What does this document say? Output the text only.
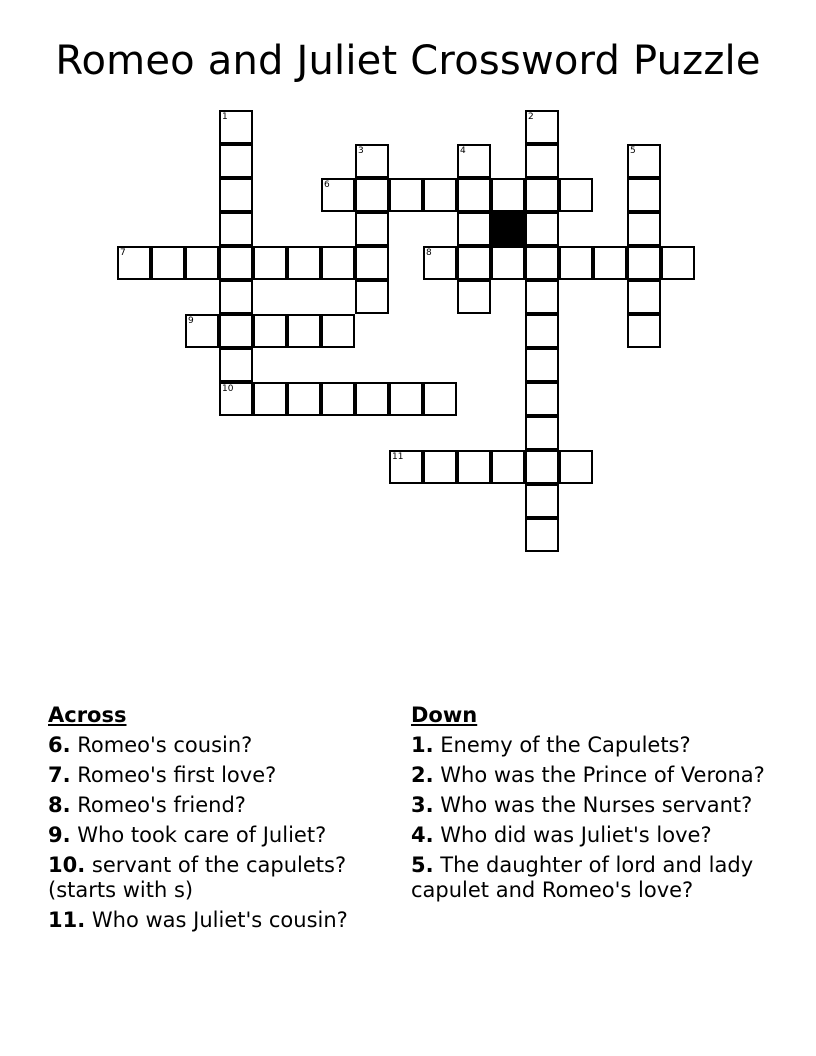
Romeo and Juliet Crossword Puzzle
1
10
2
3	4	5
6
7	8
9
11
Across
6. Romeo's cousin?
7. Romeo's first love?
8. Romeo's friend?
9. Who took care of Juliet?
10. servant of the capulets? (starts with s)
11. Who was Juliet's cousin?
Down
1. Enemy of the Capulets?
2. Who was the Prince of Verona?
3. Who was the Nurses servant?
4. Who did was Juliet's love?
5. The daughter of lord and lady capulet and Romeo's love?
